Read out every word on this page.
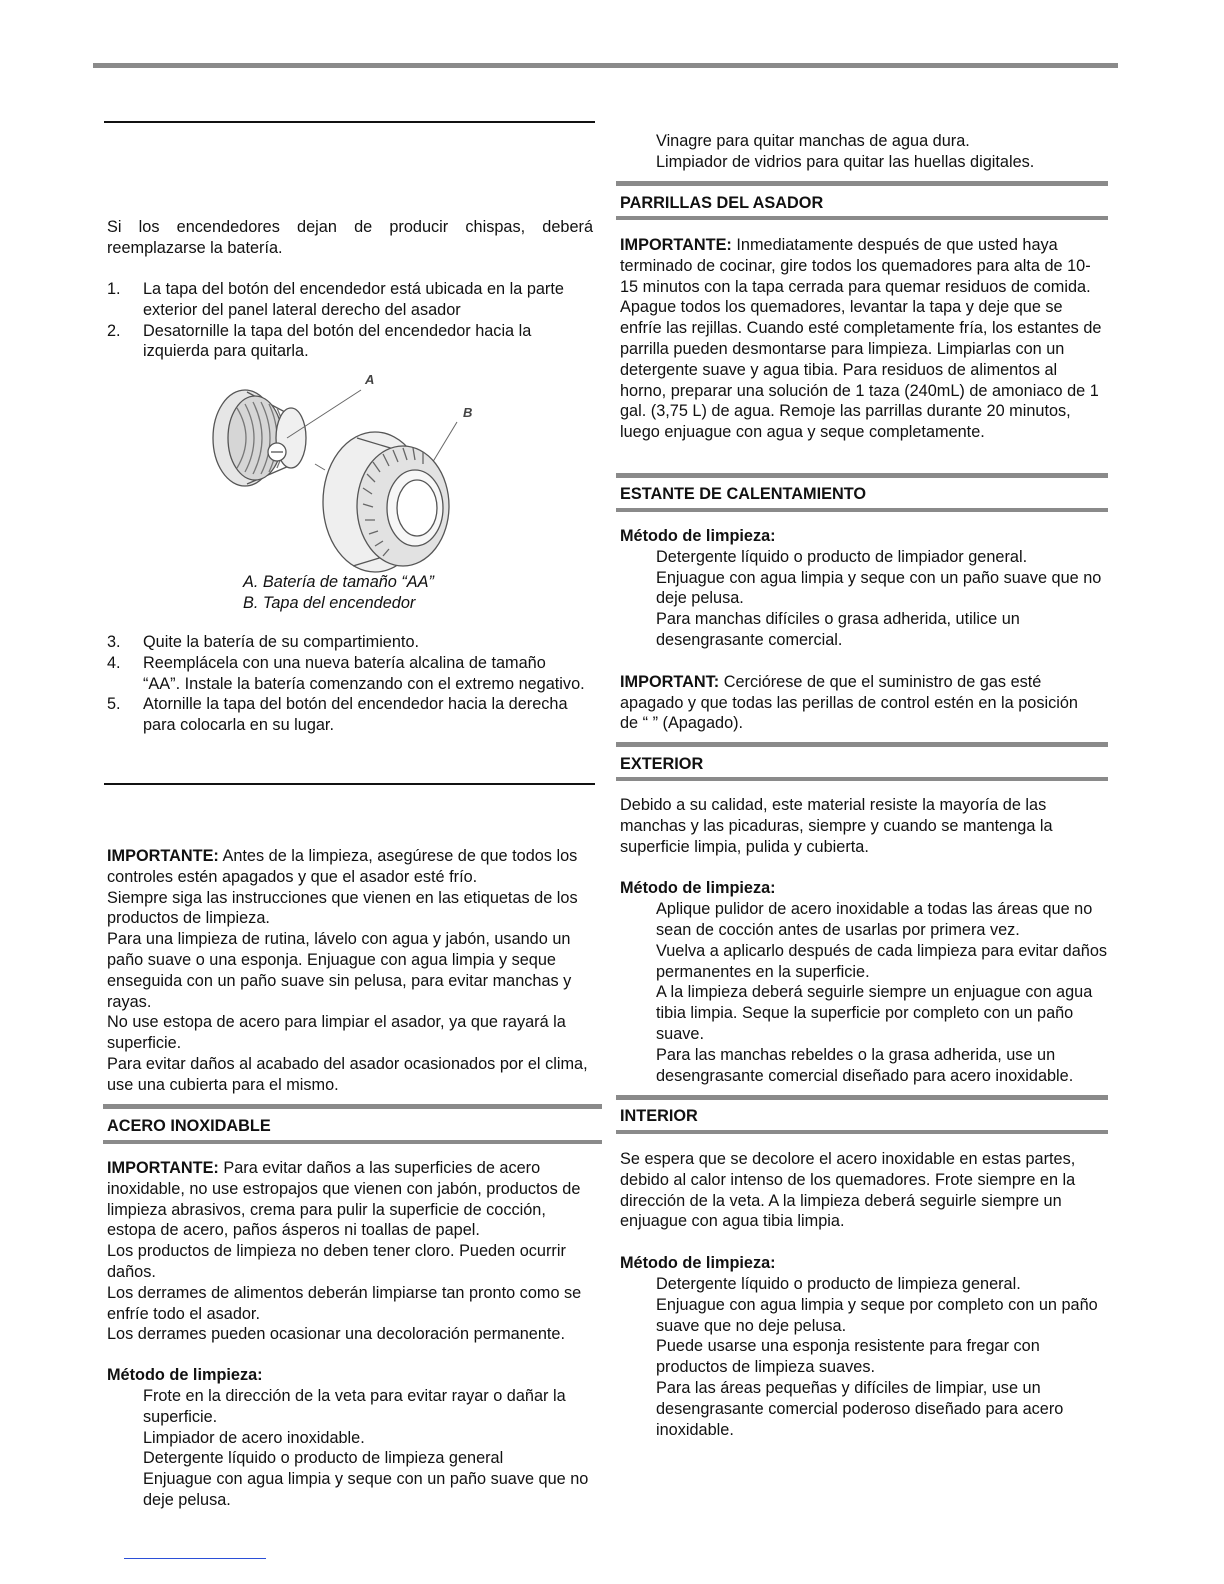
Si los encendedores dejan de producir chispas, deberá reemplazarse la batería.

1. La tapa del botón del encendedor está ubicada en la parte exterior del panel lateral derecho del asador
2. Desatornille la tapa del botón del encendedor hacia la izquierda para quitarla.
A
B

A. Batería de tamaño “AA”

B. Tapa del encendedor

3. Quite la batería de su compartimiento.
4. Reemplácela con una nueva batería alcalina de tamaño “AA”. Instale la batería comenzando con el extremo negativo.
5. Atornille la tapa del botón del encendedor hacia la derecha para colocarla en su lugar.

IMPORTANTE: Antes de la limpieza, asegúrese de que todos los controles estén apagados y que el asador esté frío.

Siempre siga las instrucciones que vienen en las etiquetas de los productos de limpieza.

Para una limpieza de rutina, lávelo con agua y jabón, usando un paño suave o una esponja. Enjuague con agua limpia y seque enseguida con un paño suave sin pelusa, para evitar manchas y rayas.

No use estopa de acero para limpiar el asador, ya que rayará la superficie.

Para evitar daños al acabado del asador ocasionados por el clima, use una cubierta para el mismo.

ACERO INOXIDABLE

IMPORTANTE: Para evitar daños a las superficies de acero inoxidable, no use estropajos que vienen con jabón, productos de limpieza abrasivos, crema para pulir la superficie de cocción, estopa de acero, paños ásperos ni toallas de papel.

Los productos de limpieza no deben tener cloro. Pueden ocurrir daños.

Los derrames de alimentos deberán limpiarse tan pronto como se enfríe todo el asador.

Los derrames pueden ocasionar una decoloración permanente.

Método de limpieza:

Frote en la dirección de la veta para evitar rayar o dañar la superficie.
Limpiador de acero inoxidable.
Detergente líquido o producto de limpieza general
Enjuague con agua limpia y seque con un paño suave que no deje pelusa.
Vinagre para quitar manchas de agua dura.
Limpiador de vidrios para quitar las huellas digitales.

PARRILLAS DEL ASADOR

IMPORTANTE: Inmediatamente después de que usted haya terminado de cocinar, gire todos los quemadores para alta de 10-15 minutos con la tapa cerrada para quemar residuos de comida. Apague todos los quemadores, levantar la tapa y deje que se enfríe las rejillas. Cuando esté completamente fría, los estantes de parrilla pueden desmontarse para limpieza. Limpiarlas con un detergente suave y agua tibia. Para residuos de alimentos al horno, preparar una solución de 1 taza (240mL) de amoniaco de 1 gal. (3,75 L) de agua. Remoje las parrillas durante 20 minutos, luego enjuague con agua y seque completamente.

ESTANTE DE CALENTAMIENTO

Método de limpieza:

Detergente líquido o producto de limpiador general.
Enjuague con agua limpia y seque con un paño suave que no deje pelusa.
Para manchas difíciles o grasa adherida, utilice un desengrasante comercial.

IMPORTANT: Cerciórese de que el suministro de gas esté apagado y que todas las perillas de control estén en la posición de “ ” (Apagado).

EXTERIOR

Debido a su calidad, este material resiste la mayoría de las manchas y las picaduras, siempre y cuando se mantenga la superficie limpia, pulida y cubierta.

Método de limpieza:

Aplique pulidor de acero inoxidable a todas las áreas que no sean de cocción antes de usarlas por primera vez.
Vuelva a aplicarlo después de cada limpieza para evitar daños permanentes en la superficie.
A la limpieza deberá seguirle siempre un enjuague con agua tibia limpia. Seque la superficie por completo con un paño suave.
Para las manchas rebeldes o la grasa adherida, use un desengrasante comercial diseñado para acero inoxidable.

INTERIOR

Se espera que se decolore el acero inoxidable en estas partes, debido al calor intenso de los quemadores. Frote siempre en la dirección de la veta. A la limpieza deberá seguirle siempre un enjuague con agua tibia limpia.

Método de limpieza:

Detergente líquido o producto de limpieza general.
Enjuague con agua limpia y seque por completo con un paño suave que no deje pelusa.
Puede usarse una esponja resistente para fregar con productos de limpieza suaves.
Para las áreas pequeñas y difíciles de limpiar, use un desengrasante comercial poderoso diseñado para acero inoxidable.
